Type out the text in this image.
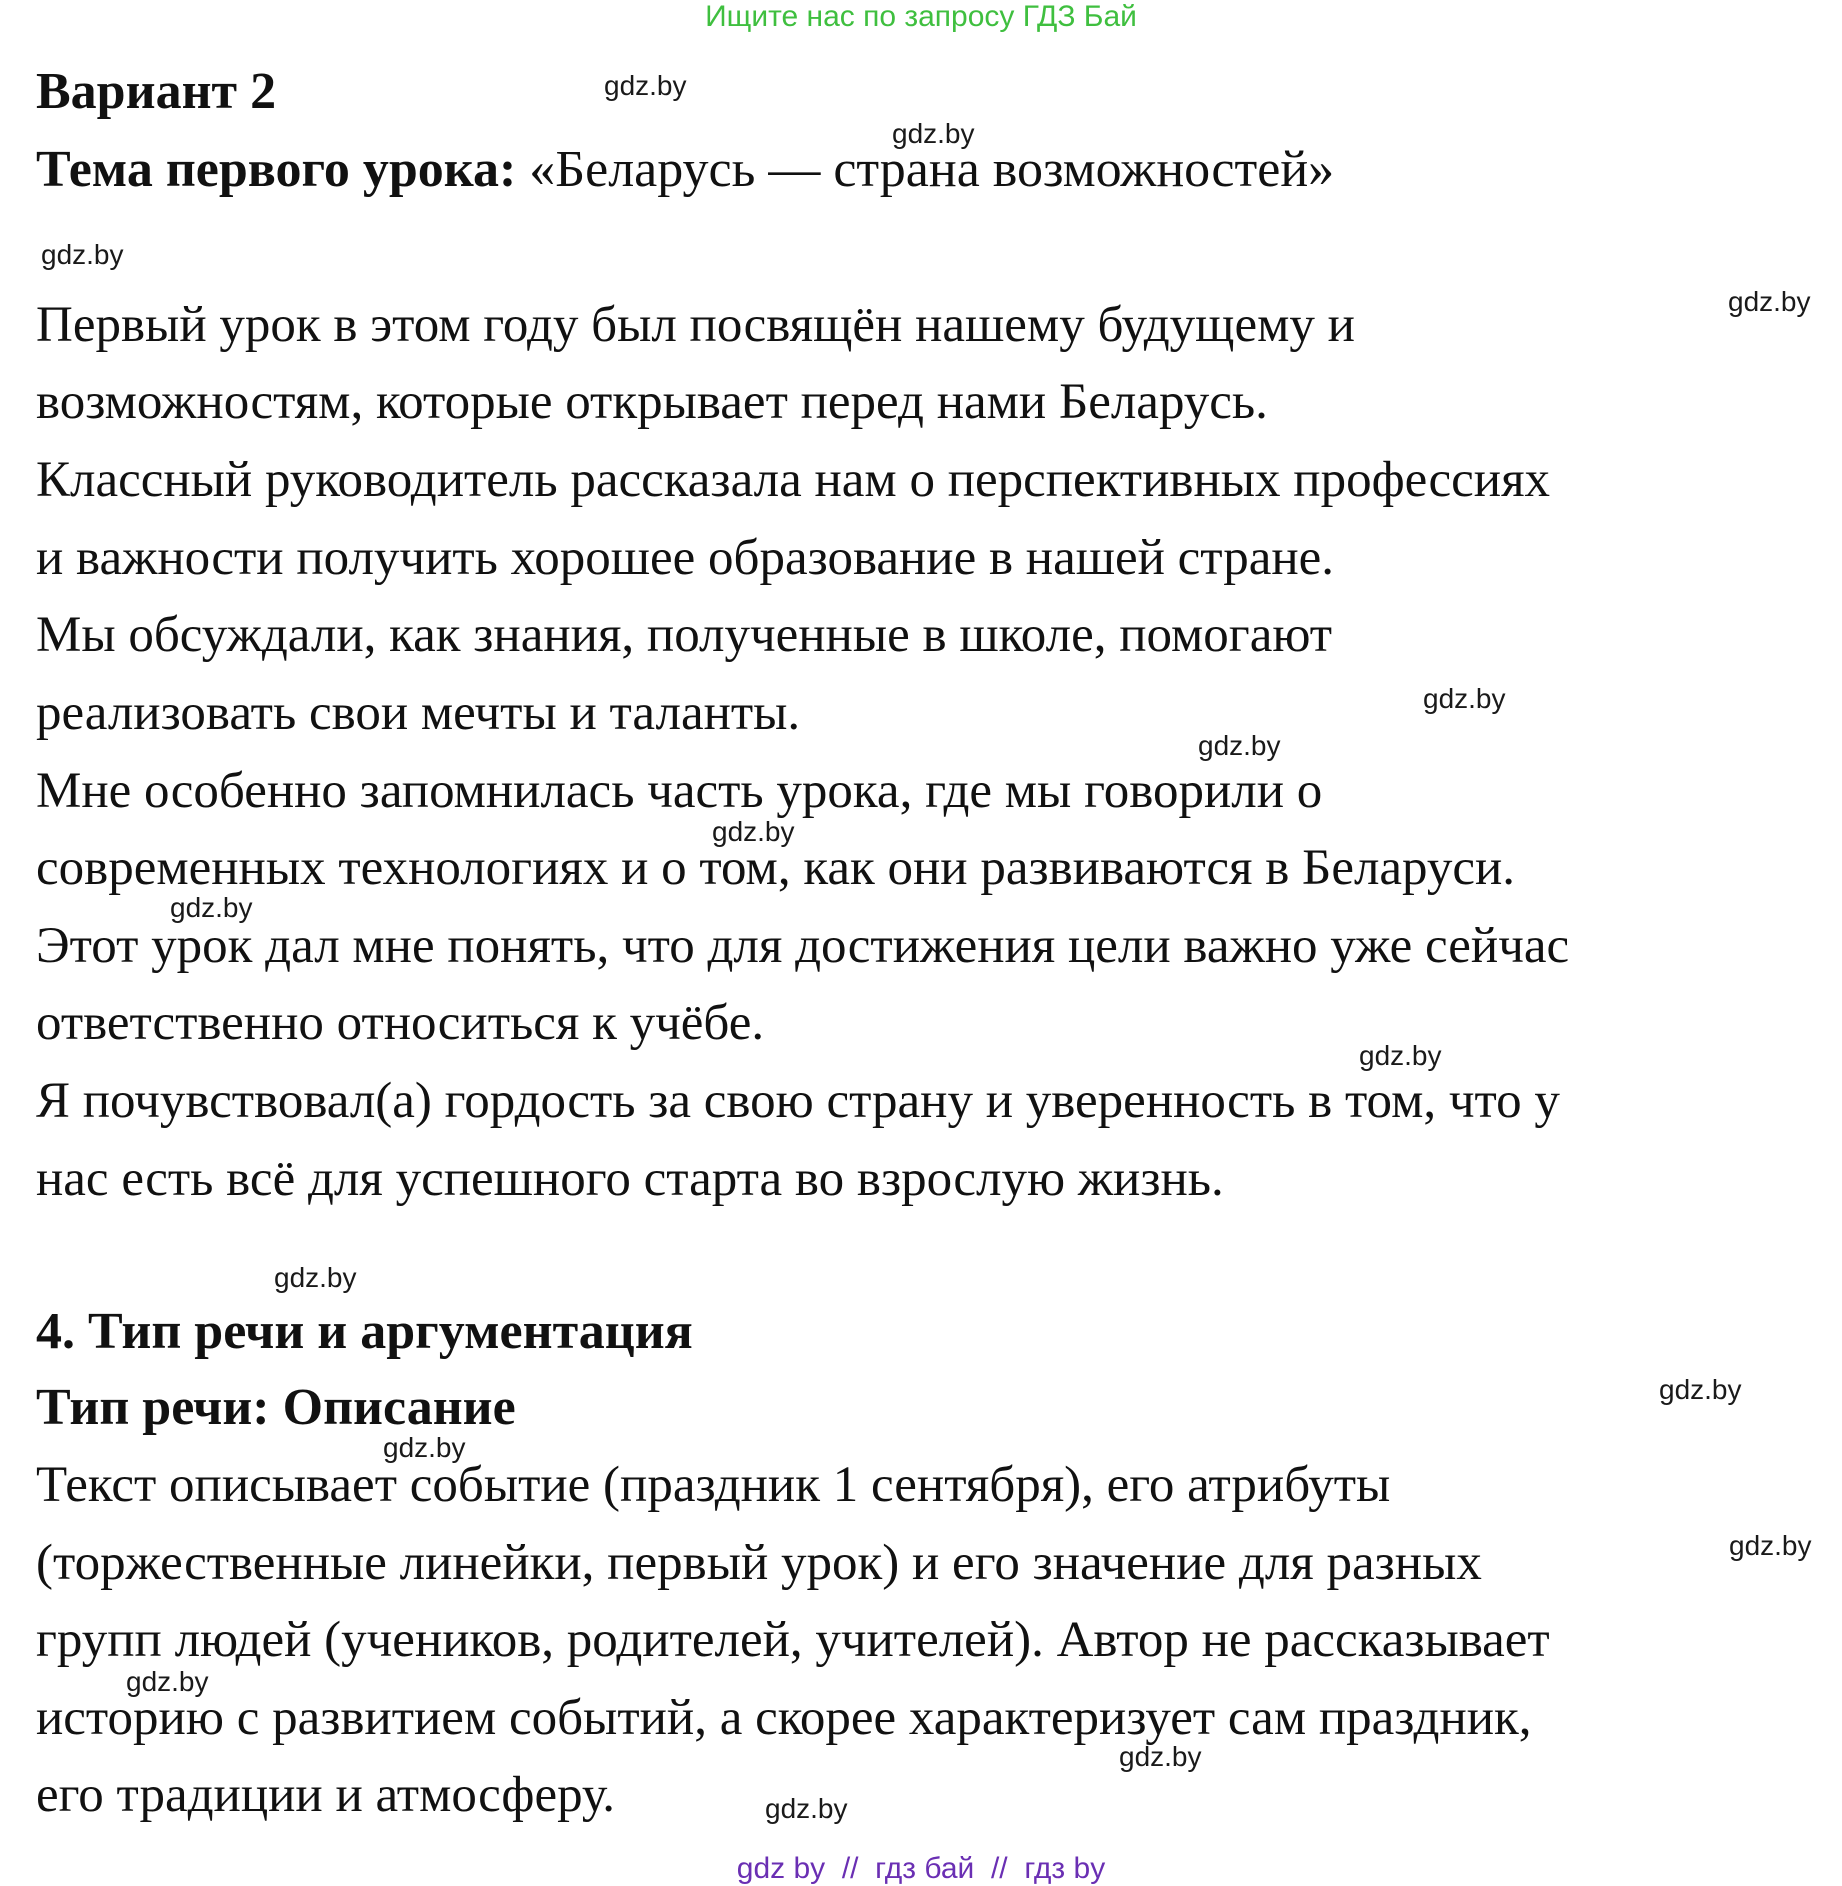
Ищите нас по запросу ГДЗ Бай
Вариант 2
Тема первого урока: «Беларусь — страна возможностей»
Первый урок в этом году был посвящён нашему будущему и
возможностям, которые открывает перед нами Беларусь.
Классный руководитель рассказала нам о перспективных профессиях
и важности получить хорошее образование в нашей стране.
Мы обсуждали, как знания, полученные в школе, помогают
реализовать свои мечты и таланты.
Мне особенно запомнилась часть урока, где мы говорили о
современных технологиях и о том, как они развиваются в Беларуси.
Этот урок дал мне понять, что для достижения цели важно уже сейчас
ответственно относиться к учёбе.
Я почувствовал(а) гордость за свою страну и уверенность в том, что у
нас есть всё для успешного старта во взрослую жизнь.
4. Тип речи и аргументация
Тип речи: Описание
Текст описывает событие (праздник 1 сентября), его атрибуты
(торжественные линейки, первый урок) и его значение для разных
групп людей (учеников, родителей, учителей). Автор не рассказывает
историю с развитием событий, а скорее характеризует сам праздник,
его традиции и атмосферу.
gdz.by
gdz.by
gdz.by
gdz.by
gdz.by
gdz.by
gdz.by
gdz.by
gdz.by
gdz.by
gdz.by
gdz.by
gdz.by
gdz.by
gdz.by
gdz.by
gdz by  //  гдз бай  //  гдз by
